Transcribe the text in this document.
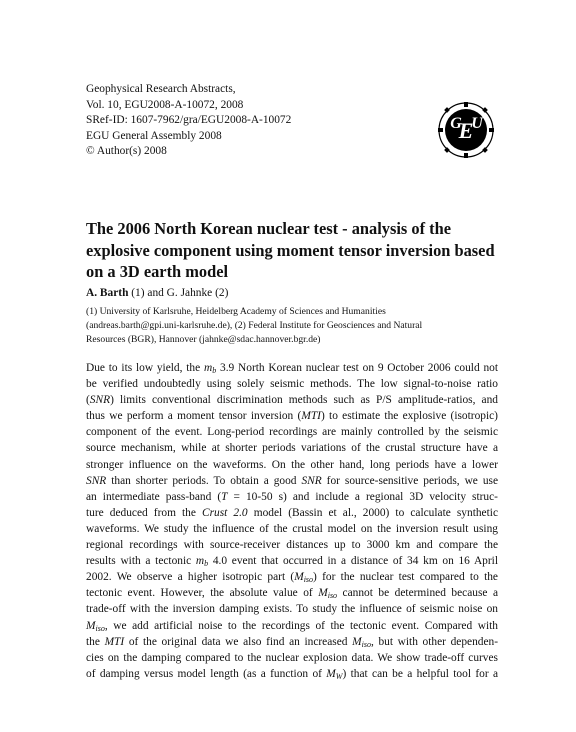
Geophysical Research Abstracts,
Vol. 10, EGU2008-A-10072, 2008
SRef-ID: 1607-7962/gra/EGU2008-A-10072
EGU General Assembly 2008
© Author(s) 2008
E
G U
The 2006 North Korean nuclear test - analysis of the explosive component using moment tensor inversion based on a 3D earth model
A. Barth (1) and G. Jahnke (2)
(1) University of Karlsruhe, Heidelberg Academy of Sciences and Humanities
(andreas.barth@gpi.uni-karlsruhe.de), (2) Federal Institute for Geosciences and Natural
Resources (BGR), Hannover (jahnke@sdac.hannover.bgr.de)
Due to its low yield, the $m_b$ 3.9 North Korean nuclear test on 9 October 2006 could not
be verified undoubtedly using solely seismic methods. The low signal-to-noise ratio
(SNR) limits conventional discrimination methods such as P/S amplitude-ratios, and
thus we perform a moment tensor inversion (MTI) to estimate the explosive (isotropic)
component of the event. Long-period recordings are mainly controlled by the seismic
source mechanism, while at shorter periods variations of the crustal structure have a
stronger influence on the waveforms. On the other hand, long periods have a lower
SNR than shorter periods. To obtain a good SNR for source-sensitive periods, we use
an intermediate pass-band (T = 10-50 s) and include a regional 3D velocity struc-
ture deduced from the Crust 2.0 model (Bassin et al., 2000) to calculate synthetic
waveforms. We study the influence of the crustal model on the inversion result using
regional recordings with source-receiver distances up to 3000 km and compare the
results with a tectonic $m_b$ 4.0 event that occurred in a distance of 34 km on 16 April
2002. We observe a higher isotropic part $(M_{iso})$ for the nuclear test compared to the
tectonic event. However, the absolute value of $M_{iso}$ cannot be determined because a
trade-off with the inversion damping exists. To study the influence of seismic noise on
$M_{iso}$, we add artificial noise to the recordings of the tectonic event. Compared with
the MTI of the original data we also find an increased $M_{iso}$, but with other dependen-
cies on the damping compared to the nuclear explosion data. We show trade-off curves
of damping versus model length (as a function of $M_W$) that can be a helpful tool for a
